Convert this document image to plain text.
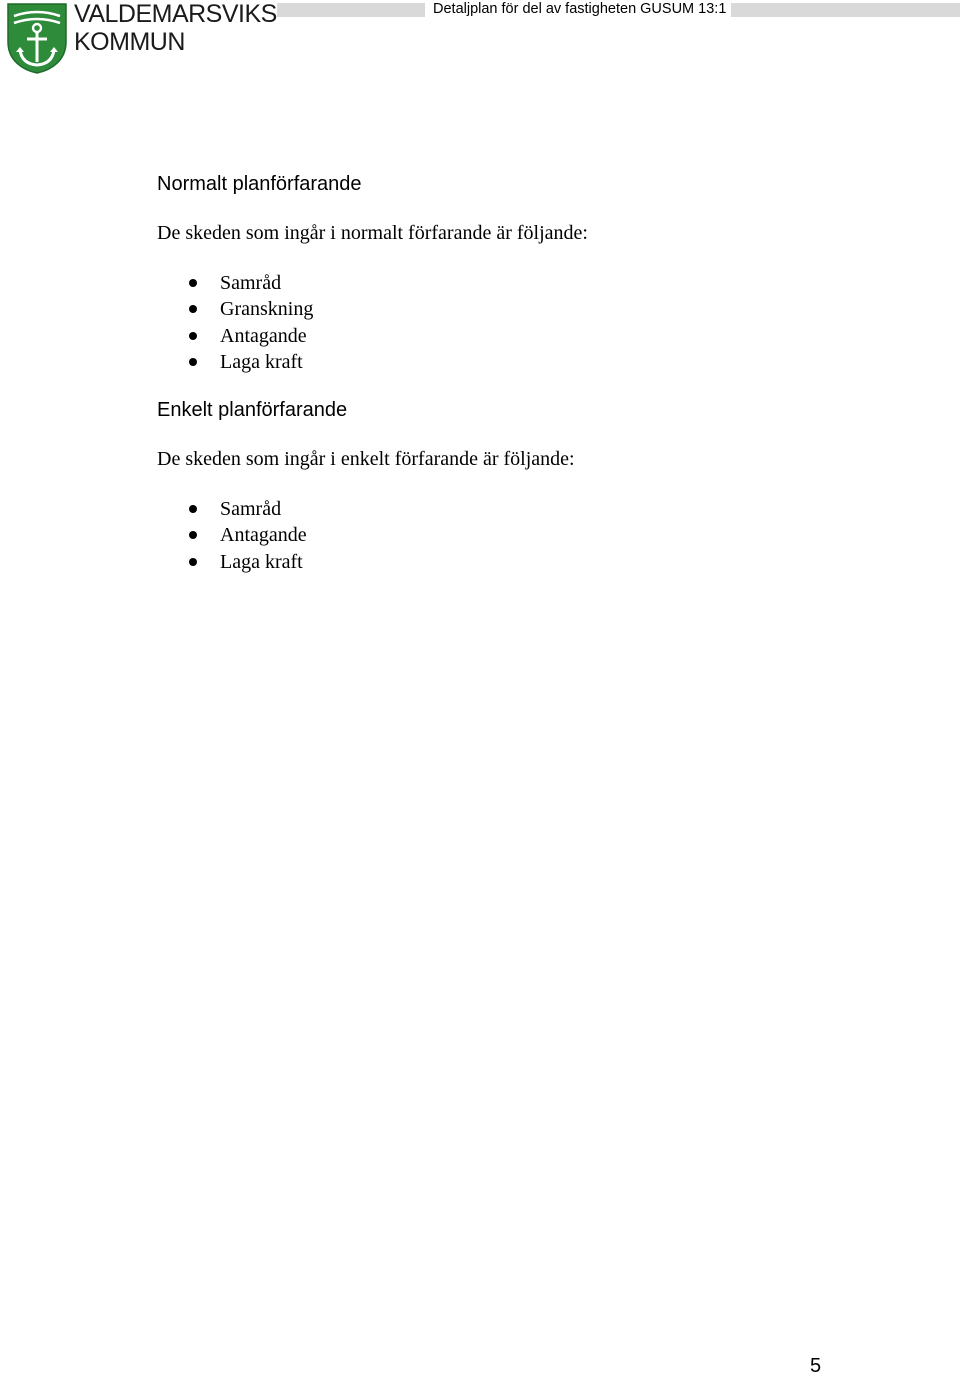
VALDEMARSVIKS
KOMMUN
Detaljplan för del av fastigheten GUSUM 13:1
Normalt planförfarande
De skeden som ingår i normalt förfarande är följande:
Samråd
Granskning
Antagande
Laga kraft
Enkelt planförfarande
De skeden som ingår i enkelt förfarande är följande:
Samråd
Antagande
Laga kraft
5
